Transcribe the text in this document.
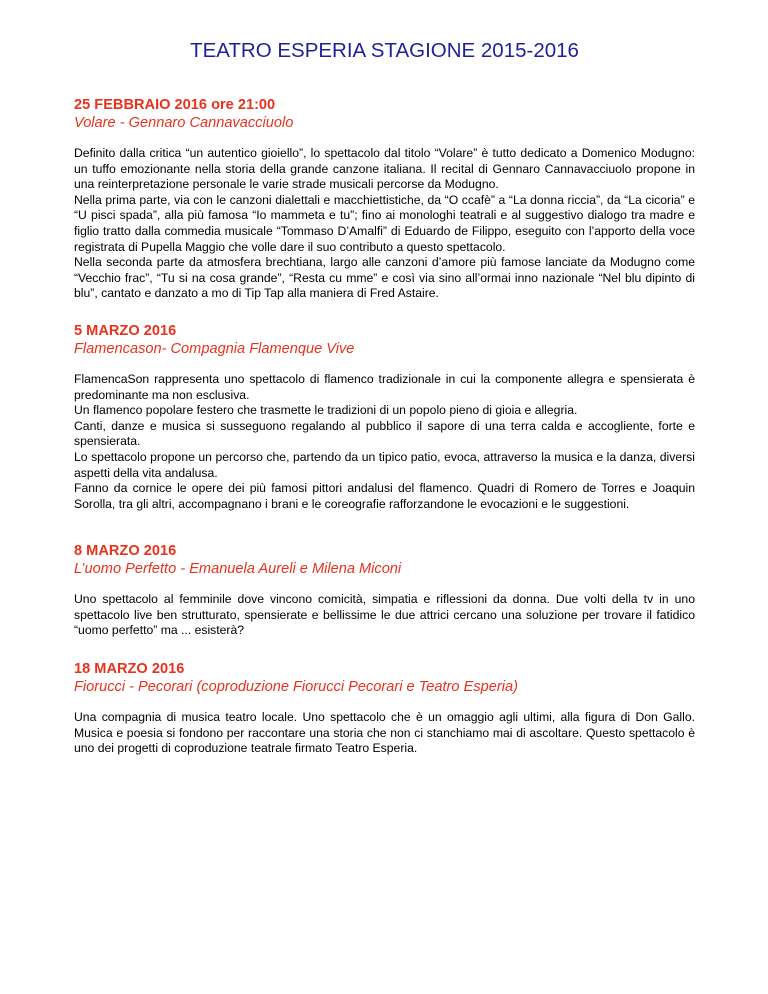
TEATRO ESPERIA STAGIONE 2015-2016
25 FEBBRAIO 2016 ore 21:00
Volare - Gennaro Cannavacciuolo

Definito dalla critica “un autentico gioiello”, lo spettacolo dal titolo “Volare” è tutto dedicato a Domenico Modugno: un tuffo emozionante nella storia della grande canzone italiana. Il recital di Gennaro Cannavacciuolo propone in una reinterpretazione personale le varie strade musicali percorse da Modugno.

Nella prima parte, via con le canzoni dialettali e macchiettistiche, da “O ccafè” a “La donna riccia”, da “La cicoria” e “U pisci spada”, alla più famosa “Io mammeta e tu”; fino ai monologhi teatrali e al suggestivo dialogo tra madre e figlio tratto dalla commedia musicale “Tommaso D’Amalfi” di Eduardo de Filippo, eseguito con l’apporto della voce registrata di Pupella Maggio che volle dare il suo contributo a questo spettacolo.

Nella seconda parte da atmosfera brechtiana, largo alle canzoni d’amore più famose lanciate da Modugno come “Vecchio frac”, “Tu si na cosa grande”, “Resta cu mme” e così via sino all’ormai inno nazionale “Nel blu dipinto di blu”, cantato e danzato a mo di Tip Tap alla maniera di Fred Astaire.

5 MARZO 2016
Flamencason- Compagnia Flamenque Vive

FlamencaSon rappresenta uno spettacolo di flamenco tradizionale in cui la componente allegra e spensierata è predominante ma non esclusiva.

Un flamenco popolare festero che trasmette le tradizioni di un popolo pieno di gioia e allegria.

Canti, danze e musica si susseguono regalando al pubblico il sapore di una terra calda e accogliente, forte e spensierata.

Lo spettacolo propone un percorso che, partendo da un tipico patio, evoca, attraverso la musica e la danza, diversi aspetti della vita andalusa.

Fanno da cornice le opere dei più famosi pittori andalusi del flamenco. Quadri di Romero de Torres e Joaquin Sorolla, tra gli altri, accompagnano i brani e le coreografie rafforzandone le evocazioni e le suggestioni.

8 MARZO 2016
L’uomo Perfetto - Emanuela Aureli e Milena Miconi

Uno spettacolo al femminile dove vincono comicità, simpatia e riflessioni da donna. Due volti della tv in uno spettacolo live ben strutturato, spensierate e bellissime le due attrici cercano una soluzione per trovare il fatidico “uomo perfetto” ma ... esisterà?

18 MARZO 2016
Fiorucci - Pecorari (coproduzione Fiorucci Pecorari e Teatro Esperia)

Una compagnia di musica teatro locale. Uno spettacolo che è un omaggio agli ultimi, alla figura di Don Gallo. Musica e poesia si fondono per raccontare una storia che non ci stanchiamo mai di ascoltare. Questo spettacolo è uno dei progetti di coproduzione teatrale firmato Teatro Esperia.
